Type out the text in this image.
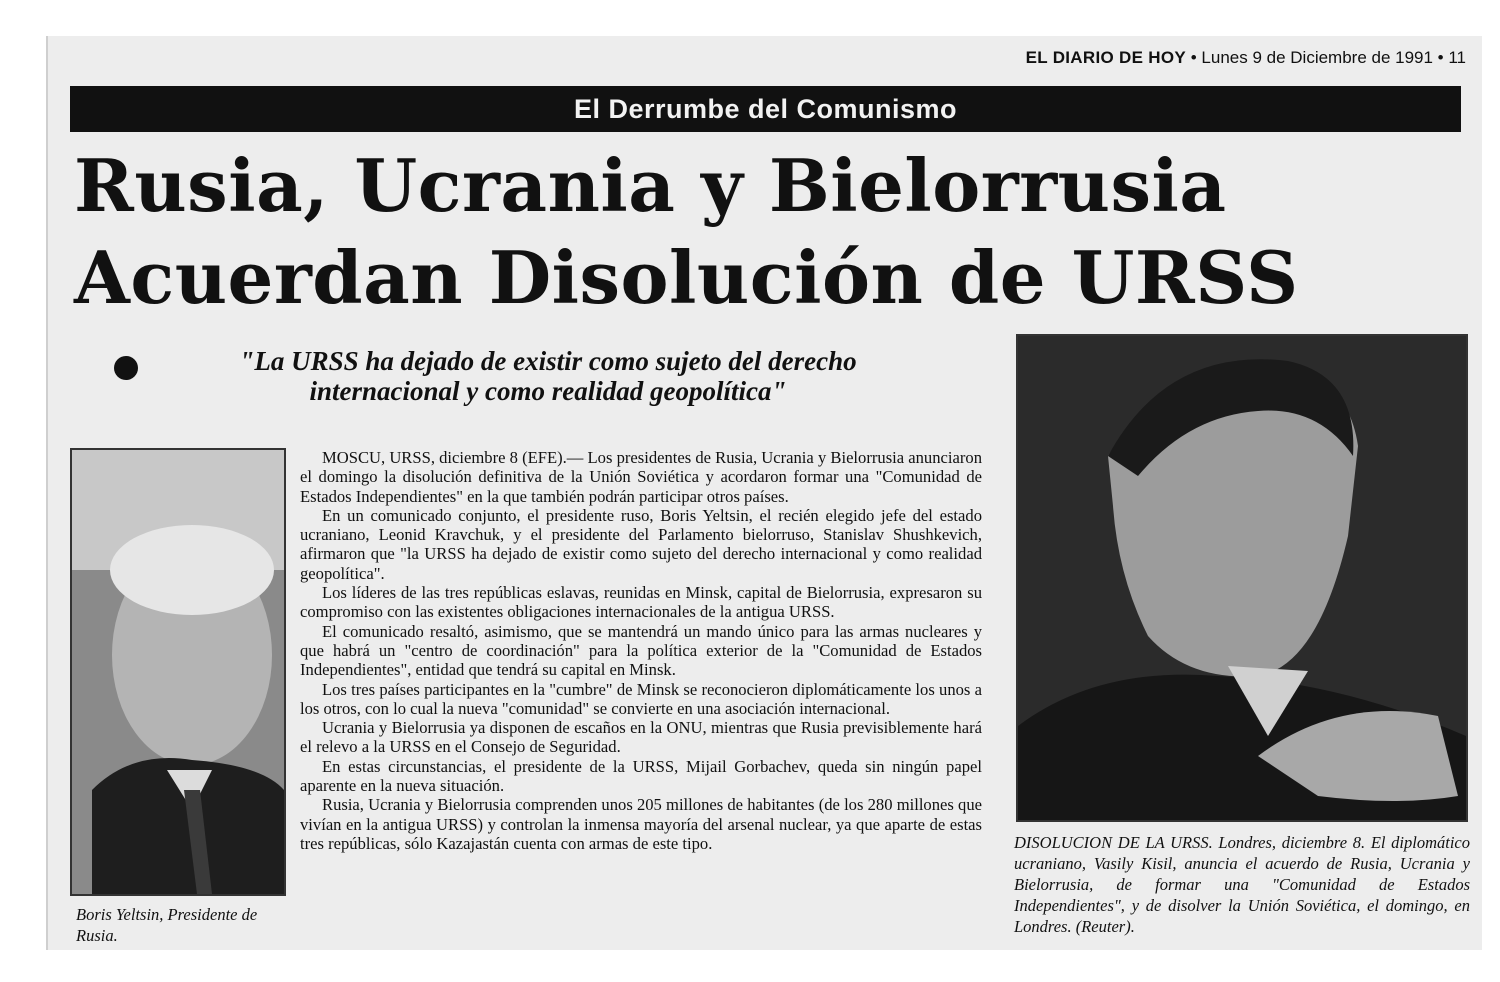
EL DIARIO DE HOY • Lunes 9 de Diciembre de 1991 • 11
El Derrumbe del Comunismo
Rusia, Ucrania y Bielorrusia
Acuerdan Disolución de URSS
"La URSS ha dejado de existir como sujeto del derecho internacional y como realidad geopolítica"

MOSCU, URSS, diciembre 8 (EFE).— Los presidentes de Rusia, Ucrania y Bielorrusia anunciaron el domingo la disolución definitiva de la Unión Soviética y acordaron formar una "Comunidad de Estados Independientes" en la que también podrán participar otros países.

En un comunicado conjunto, el presidente ruso, Boris Yeltsin, el recién elegido jefe del estado ucraniano, Leonid Kravchuk, y el presidente del Parlamento bielorruso, Stanislav Shushkevich, afirmaron que "la URSS ha dejado de existir como sujeto del derecho internacional y como realidad geopolítica".

Los líderes de las tres repúblicas eslavas, reunidas en Minsk, capital de Bielorrusia, expresaron su compromiso con las existentes obligaciones internacionales de la antigua URSS.

El comunicado resaltó, asimismo, que se mantendrá un mando único para las armas nucleares y que habrá un "centro de coordinación" para la política exterior de la "Comunidad de Estados Independientes", entidad que tendrá su capital en Minsk.

Los tres países participantes en la "cumbre" de Minsk se reconocieron diplomáticamente los unos a los otros, con lo cual la nueva "comunidad" se convierte en una asociación internacional.

Ucrania y Bielorrusia ya disponen de escaños en la ONU, mientras que Rusia previsiblemente hará el relevo a la URSS en el Consejo de Seguridad.

En estas circunstancias, el presidente de la URSS, Mijail Gorbachev, queda sin ningún papel aparente en la nueva situación.

Rusia, Ucrania y Bielorrusia comprenden unos 205 millones de habitantes (de los 280 millones que vivían en la antigua URSS) y controlan la inmensa mayoría del arsenal nuclear, ya que aparte de estas tres repúblicas, sólo Kazajastán cuenta con armas de este tipo.

Boris Yeltsin, Presidente de Rusia.
DISOLUCION DE LA URSS. Londres, diciembre 8. El diplomático ucraniano, Vasily Kisil, anuncia el acuerdo de Rusia, Ucrania y Bielorrusia, de formar una "Comunidad de Estados Independientes", y de disolver la Unión Soviética, el domingo, en Londres. (Reuter).
